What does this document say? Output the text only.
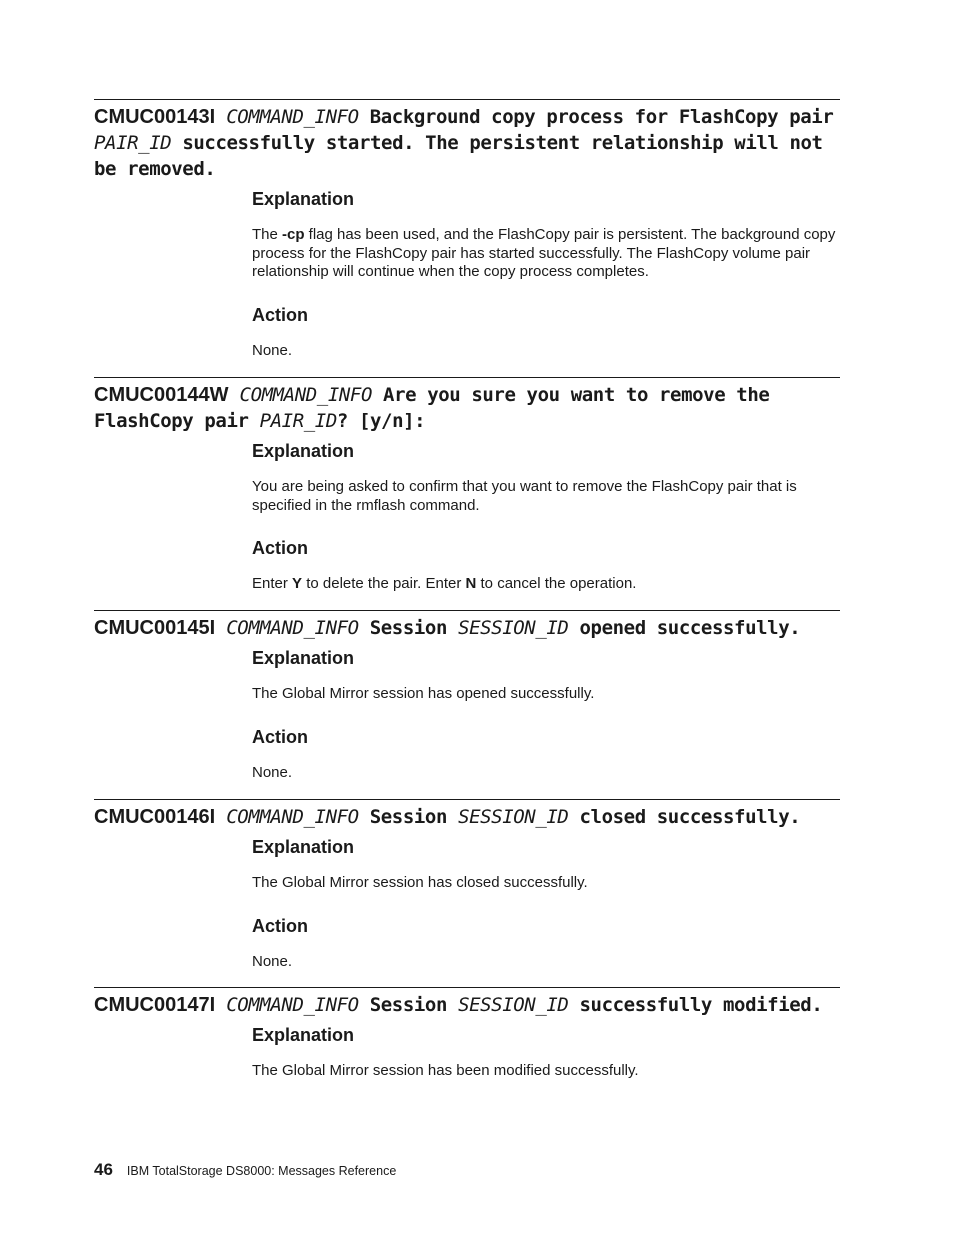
CMUC00143I COMMAND_INFO Background copy process for FlashCopy pair PAIR_ID successfully started. The persistent relationship will not be removed.
Explanation

The -cp flag has been used, and the FlashCopy pair is persistent. The background copy process for the FlashCopy pair has started successfully. The FlashCopy volume pair relationship will continue when the copy process completes.

Action

None.

CMUC00144W COMMAND_INFO Are you sure you want to remove the FlashCopy pair PAIR_ID? [y/n]:
Explanation

You are being asked to confirm that you want to remove the FlashCopy pair that is specified in the rmflash command.

Action

Enter Y to delete the pair. Enter N to cancel the operation.

CMUC00145I COMMAND_INFO Session SESSION_ID opened successfully.
Explanation

The Global Mirror session has opened successfully.

Action

None.

CMUC00146I COMMAND_INFO Session SESSION_ID closed successfully.
Explanation

The Global Mirror session has closed successfully.

Action

None.

CMUC00147I COMMAND_INFO Session SESSION_ID successfully modified.
Explanation

The Global Mirror session has been modified successfully.

46 IBM TotalStorage DS8000: Messages Reference
